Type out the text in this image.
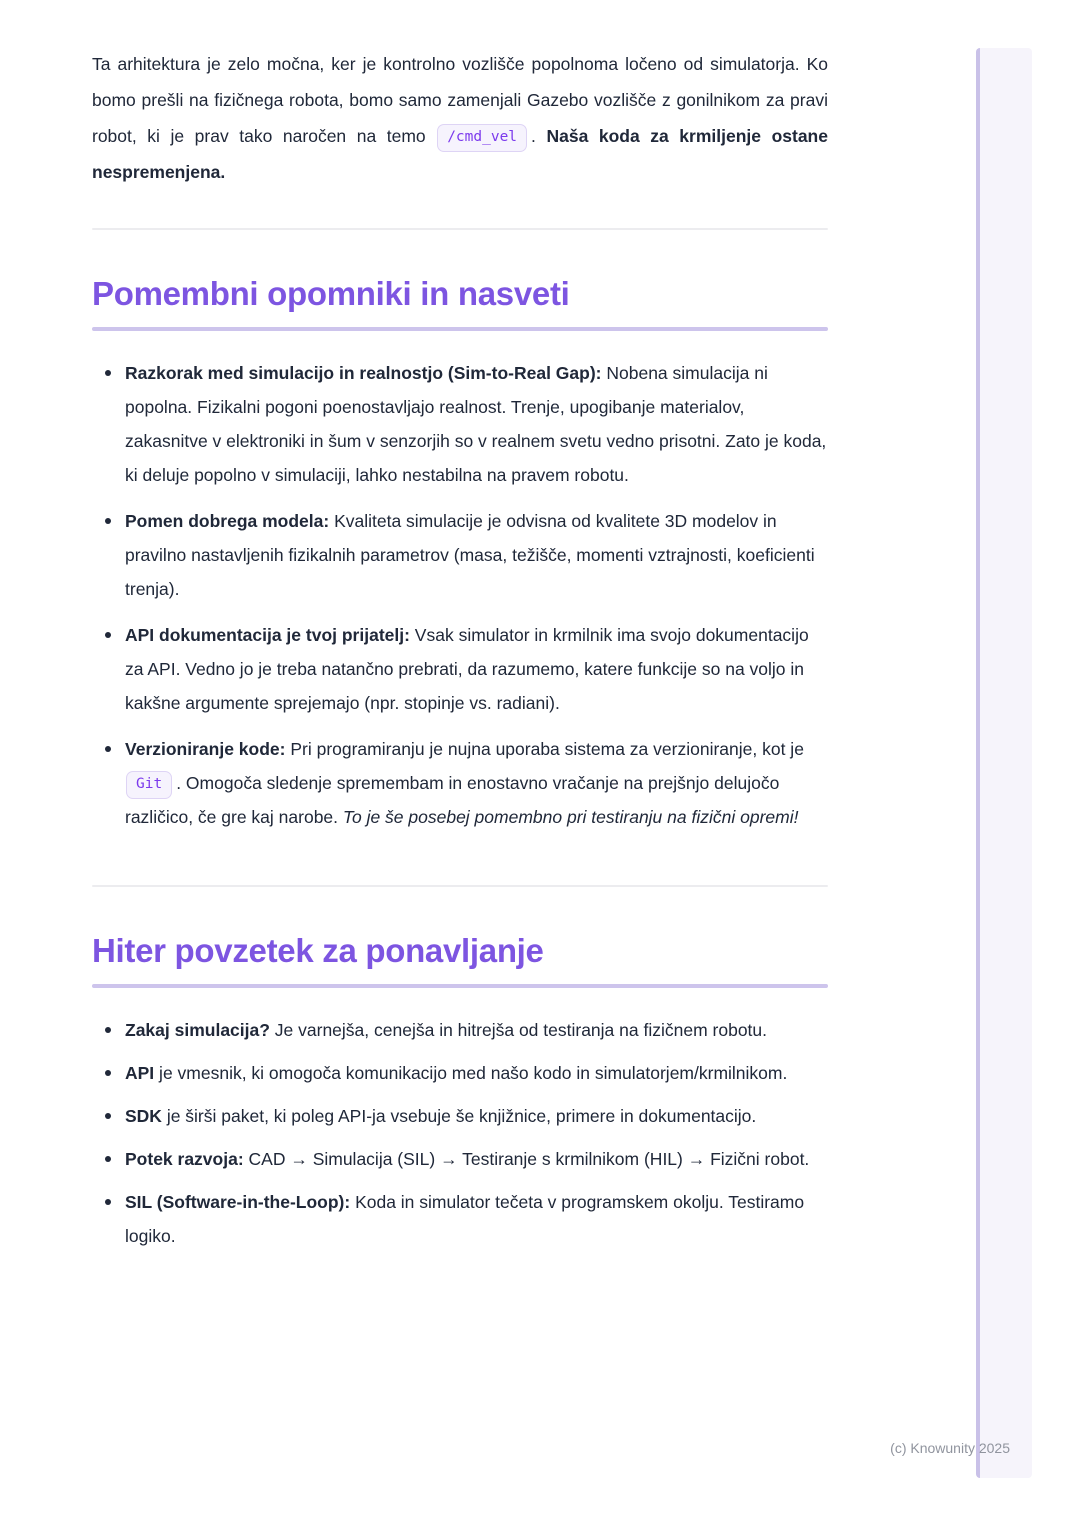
Ta arhitektura je zelo močna, ker je kontrolno vozlišče popolnoma ločeno od simulatorja. Ko bomo prešli na fizičnega robota, bomo samo zamenjali Gazebo vozlišče z gonilnikom za pravi robot, ki je prav tako naročen na temo /cmd_vel . Naša koda za krmiljenje ostane nespremenjena.

Pomembni opomniki in nasveti
Razkorak med simulacijo in realnostjo (Sim-to-Real Gap): Nobena simulacija ni popolna. Fizikalni pogoni poenostavljajo realnost. Trenje, upogibanje materialov, zakasnitve v elektroniki in šum v senzorjih so v realnem svetu vedno prisotni. Zato je koda, ki deluje popolno v simulaciji, lahko nestabilna na pravem robotu.
Pomen dobrega modela: Kvaliteta simulacije je odvisna od kvalitete 3D modelov in pravilno nastavljenih fizikalnih parametrov (masa, težišče, momenti vztrajnosti, koeficienti trenja).
API dokumentacija je tvoj prijatelj: Vsak simulator in krmilnik ima svojo dokumentacijo za API. Vedno jo je treba natančno prebrati, da razumemo, katere funkcije so na voljo in kakšne argumente sprejemajo (npr. stopinje vs. radiani).
Verzioniranje kode: Pri programiranju je nujna uporaba sistema za verzioniranje, kot je Git . Omogoča sledenje spremembam in enostavno vračanje na prejšnjo delujočo različico, če gre kaj narobe. To je še posebej pomembno pri testiranju na fizični opremi!
Hiter povzetek za ponavljanje
Zakaj simulacija? Je varnejša, cenejša in hitrejša od testiranja na fizičnem robotu.
API je vmesnik, ki omogoča komunikacijo med našo kodo in simulatorjem/krmilnikom.
SDK je širši paket, ki poleg API-ja vsebuje še knjižnice, primere in dokumentacijo.
Potek razvoja: CAD → Simulacija (SIL) → Testiranje s krmilnikom (HIL) → Fizični robot.
SIL (Software-in-the-Loop): Koda in simulator tečeta v programskem okolju. Testiramo logiko.
(c) Knowunity 2025
